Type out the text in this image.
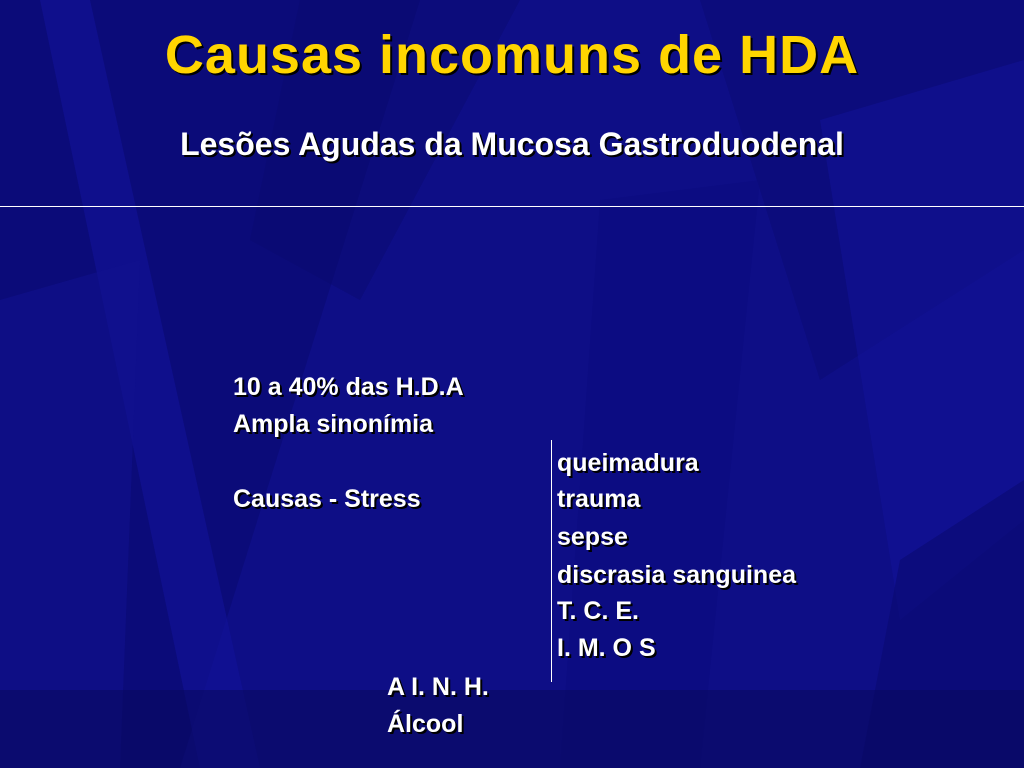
Causas incomuns de HDA
Lesões Agudas da Mucosa Gastroduodenal
10 a 40% das H.D.A
Ampla sinonímia
Causas - Stress
queimadura
trauma
sepse
discrasia sanguinea
T. C. E.
I. M. O S
A I. N. H.
Álcool
